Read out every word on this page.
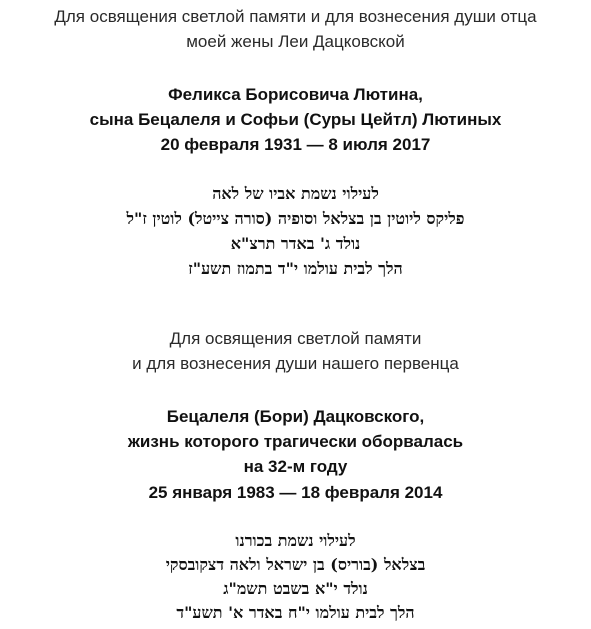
Для освящения светлой памяти и для вознесения души отца
моей жены Леи Дацковской
Феликса Борисовича Лютина,
сына Бецалеля и Софьи (Суры Цейтл) Лютиных
20 февраля 1931 — 8 июля 2017
לעילוי נשמת אביו של לאה
פליקס ליוטין בן בצלאל וסופיה (סורה צייטל) לוטין ז"ל
נולד ג' באדר תרצ"א
הלך לבית עולמו י"ד בתמוז תשע"ז
Для освящения светлой памяти
и для вознесения души нашего первенца
Бецалеля (Бори) Дацковского,
жизнь которого трагически оборвалась
на 32-м году
25 января 1983 — 18 февраля 2014
לעילוי נשמת בכורנו
בצלאל (בוריס) בן ישראל ולאה דצקובסקי
נולד י"א בשבט תשמ"ג
הלך לבית עולמו י"ח באדר א' תשע"ד
